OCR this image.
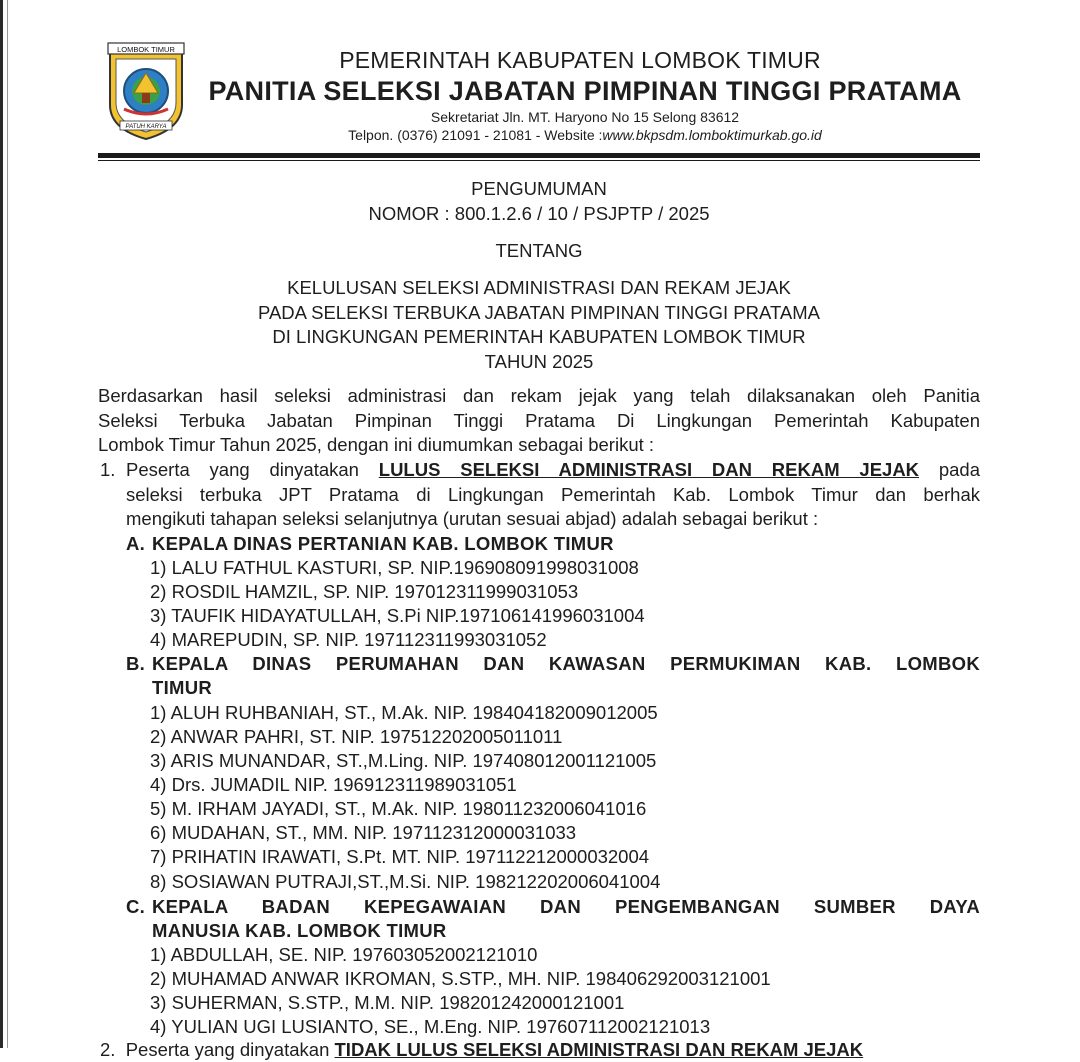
LOMBOK TIMUR
PATUH KARYA
PEMERINTAH KABUPATEN LOMBOK TIMUR
PANITIA SELEKSI JABATAN PIMPINAN TINGGI PRATAMA
Sekretariat Jln. MT. Haryono No 15 Selong 83612
Telpon. (0376) 21091 - 21081 - Website :www.bkpsdm.lomboktimurkab.go.id
PENGUMUMAN
NOMOR : 800.1.2.6 / 10 / PSJPTP / 2025
TENTANG
KELULUSAN SELEKSI ADMINISTRASI DAN REKAM JEJAK
PADA SELEKSI TERBUKA JABATAN PIMPINAN TINGGI PRATAMA
DI LINGKUNGAN PEMERINTAH KABUPATEN LOMBOK TIMUR
TAHUN 2025
Berdasarkan hasil seleksi administrasi dan rekam jejak yang telah dilaksanakan oleh Panitia
Seleksi Terbuka Jabatan Pimpinan Tinggi Pratama Di Lingkungan Pemerintah Kabupaten
Lombok Timur Tahun 2025, dengan ini diumumkan sebagai berikut :
1. Peserta yang dinyatakan LULUS SELEKSI ADMINISTRASI DAN REKAM JEJAK pada
seleksi terbuka JPT Pratama di Lingkungan Pemerintah Kab. Lombok Timur dan berhak
mengikuti tahapan seleksi selanjutnya (urutan sesuai abjad) adalah sebagai berikut :
A. KEPALA DINAS PERTANIAN KAB. LOMBOK TIMUR
1) LALU FATHUL KASTURI, SP. NIP.196908091998031008
2) ROSDIL HAMZIL, SP. NIP. 197012311999031053
3) TAUFIK HIDAYATULLAH, S.Pi NIP.197106141996031004
4) MAREPUDIN, SP. NIP. 197112311993031052
B. KEPALA DINAS PERUMAHAN DAN KAWASAN PERMUKIMAN KAB. LOMBOK
TIMUR
1) ALUH RUHBANIAH, ST., M.Ak. NIP. 198404182009012005
2) ANWAR PAHRI, ST. NIP. 197512202005011011
3) ARIS MUNANDAR, ST.,M.Ling. NIP. 197408012001121005
4) Drs. JUMADIL NIP. 196912311989031051
5) M. IRHAM JAYADI, ST., M.Ak. NIP. 198011232006041016
6) MUDAHAN, ST., MM. NIP. 197112312000031033
7) PRIHATIN IRAWATI, S.Pt. MT. NIP. 197112212000032004
8) SOSIAWAN PUTRAJI,ST.,M.Si. NIP. 198212202006041004
C. KEPALA BADAN KEPEGAWAIAN DAN PENGEMBANGAN SUMBER DAYA
MANUSIA KAB. LOMBOK TIMUR
1) ABDULLAH, SE. NIP. 197603052002121010
2) MUHAMAD ANWAR IKROMAN, S.STP., MH. NIP. 198406292003121001
3) SUHERMAN, S.STP., M.M. NIP. 198201242000121001
4) YULIAN UGI LUSIANTO, SE., M.Eng. NIP. 197607112002121013
2. Peserta yang dinyatakan TIDAK LULUS SELEKSI ADMINISTRASI DAN REKAM JEJAK
